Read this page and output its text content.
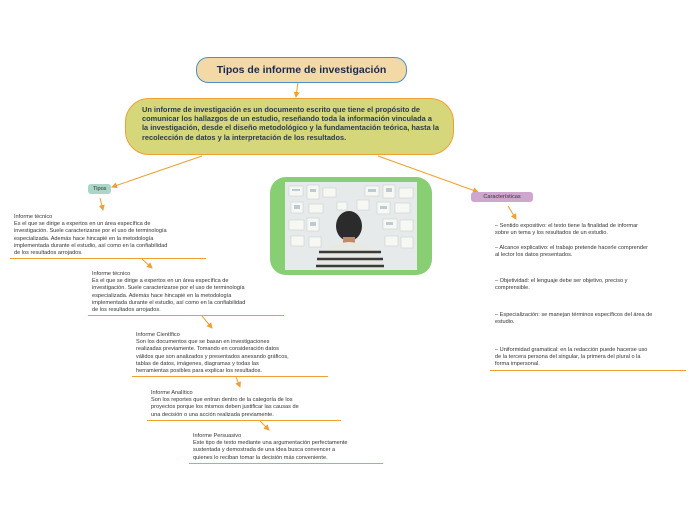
Tipos de informe de investigación
Un informe de investigación es un documento escrito que tiene el propósito de comunicar los hallazgos de un estudio, reseñando toda la información vinculada a la investigación, desde el diseño metodológico y la fundamentación teórica, hasta la recolección de datos y la interpretación de los resultados.
Tipos
Características
Informe técnico
Es el que se dirige a expertos en un área específica de
investigación. Suele caracterizarse por el uso de terminología
especializada. Además hace hincapié en la metodología
implementada durante el estudio, así como en la confiabilidad
de los resultados arrojados.
Informe técnico
Es el que se dirige a expertos en un área específica de
investigación. Suele caracterizarse por el uso de terminología
especializada. Además hace hincapié en la metodología
implementada durante el estudio, así como en la confiabilidad
de los resultados arrojados.
Informe Científico
Son los documentos que se basan en investigaciones
realizadas previamente. Tomando en consideración datos
válidos que son analizados y presentados anexando gráficos,
tablas de datos, imágenes, diagramas y todas las
herramientas posibles para explicar los resultados.
Informe Analítico
Son los reportes que entran dentro de la categoría de los
proyectos porque los mismos deben justificar las causas de
una decisión o una acción realizada previamente.
Informe Persuasivo
Este tipo de texto mediante una argumentación perfectamente
sustentada y demostrada de una idea busca convencer a
quienes lo reciban tomar la decisión más conveniente.
– Sentido expositivo: el texto tiene la finalidad de informar
sobre un tema y los resultados de un estudio.

– Alcance explicativo: el trabajo pretende hacerle comprender
al lector los datos presentados.
– Objetividad: el lenguaje debe ser objetivo, preciso y
comprensible.
– Especialización: se manejan términos específicos del área de
estudio.
– Uniformidad gramatical: en la redacción puede hacerse uso
de la tercera persona del singular, la primera del plural o la
forma impersonal.
